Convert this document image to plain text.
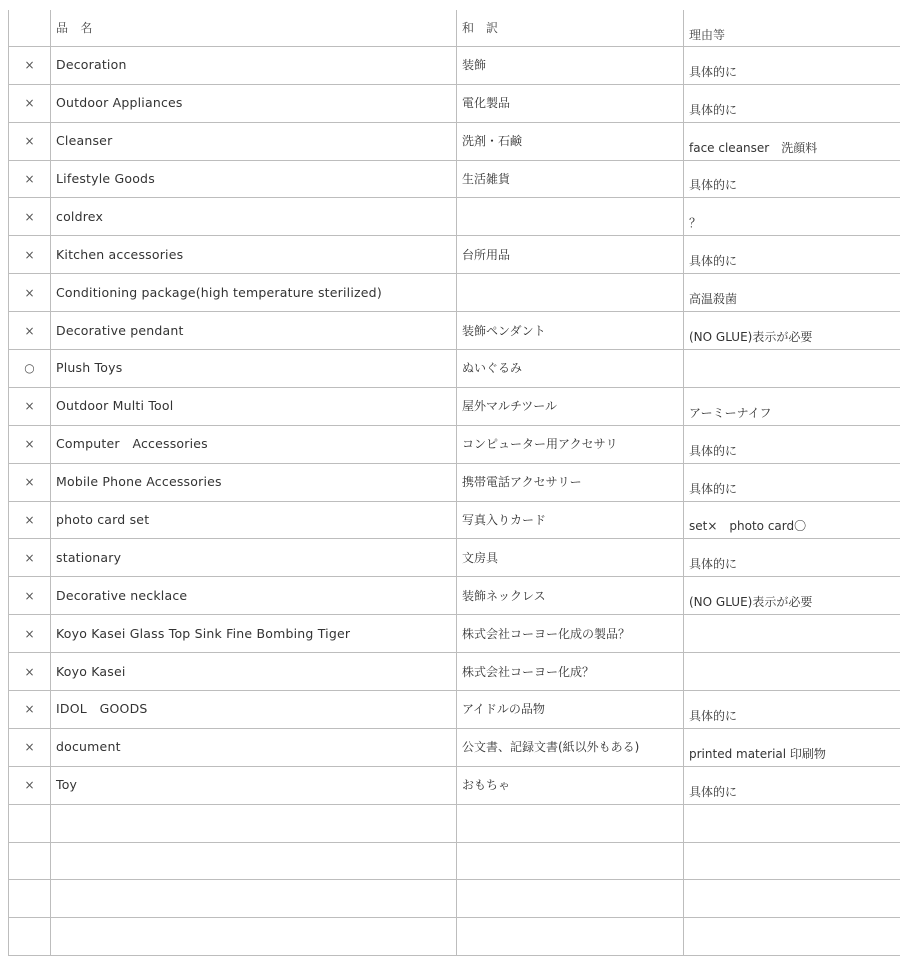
	品　名	和　訳	理由等
×	Decoration	装飾	具体的に
×	Outdoor Appliances	電化製品	具体的に
×	Cleanser	洗剤・石鹸	face cleanser　洗顔料
×	Lifestyle Goods	生活雑貨	具体的に
×	coldrex		？
×	Kitchen accessories	台所用品	具体的に
×	Conditioning package(high temperature sterilized)		高温殺菌
×	Decorative pendant	装飾ペンダント	(NO GLUE)表示が必要
○	Plush Toys	ぬいぐるみ	
×	Outdoor Multi Tool	屋外マルチツール	アーミーナイフ
×	Computer　Accessories	コンピューター用アクセサリ	具体的に
×	Mobile Phone Accessories	携帯電話アクセサリー	具体的に
×	photo card set	写真入りカード	set×　photo card〇
×	stationary	文房具	具体的に
×	Decorative necklace	装飾ネックレス	(NO GLUE)表示が必要
×	Koyo Kasei Glass Top Sink Fine Bombing Tiger	株式会社コーヨー化成の製品？	
×	Koyo Kasei	株式会社コーヨー化成？	
×	IDOL　GOODS	アイドルの品物	具体的に
×	document	公文書、記録文書(紙以外もある)	printed material 印刷物
×	Toy	おもちゃ	具体的に
